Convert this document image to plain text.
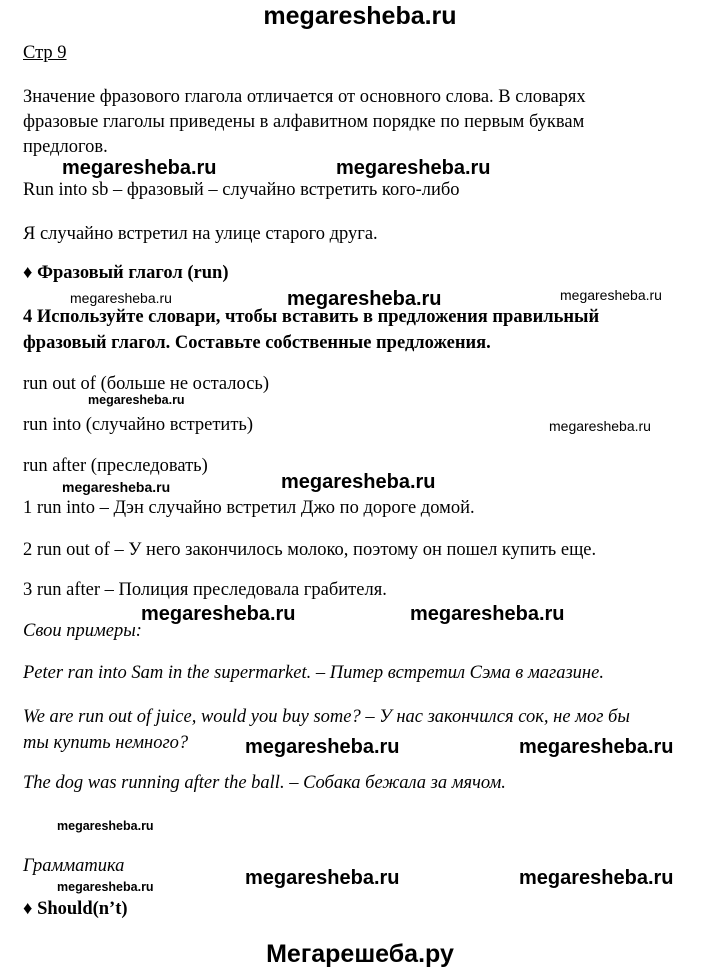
megaresheba.ru
Стр 9
Значение фразового глагола отличается от основного слова. В словарях
фразовые глаголы приведены в алфавитном порядке по первым буквам
предлогов.
Run into sb – фразовый – случайно встретить кого-либо
Я случайно встретил на улице старого друга.
♦ Фразовый глагол (run)
4 Используйте словари, чтобы вставить в предложения правильный
фразовый глагол. Составьте собственные предложения.
run out of (больше не осталось)
run into (случайно встретить)
run after (преследовать)
1 run into – Дэн случайно встретил Джо по дороге домой.
2 run out of – У него закончилось молоко, поэтому он пошел купить еще.
3 run after – Полиция преследовала грабителя.
Свои примеры:
Peter ran into Sam in the supermarket. – Питер встретил Сэма в магазине.
We are run out of juice, would you buy some? – У нас закончился сок, не мог бы
ты купить немного?
The dog was running after the ball. – Собака бежала за мячом.
Грамматика
♦ Should(n’t)
megaresheba.ru	megaresheba.ru
megaresheba.ru	megaresheba.ru	megaresheba.ru
megaresheba.ru
megaresheba.ru
megaresheba.ru
megaresheba.ru
megaresheba.ru	megaresheba.ru
megaresheba.ru	megaresheba.ru
megaresheba.ru
megaresheba.ru	megaresheba.ru	megaresheba.ru
Мегарешеба.ру
